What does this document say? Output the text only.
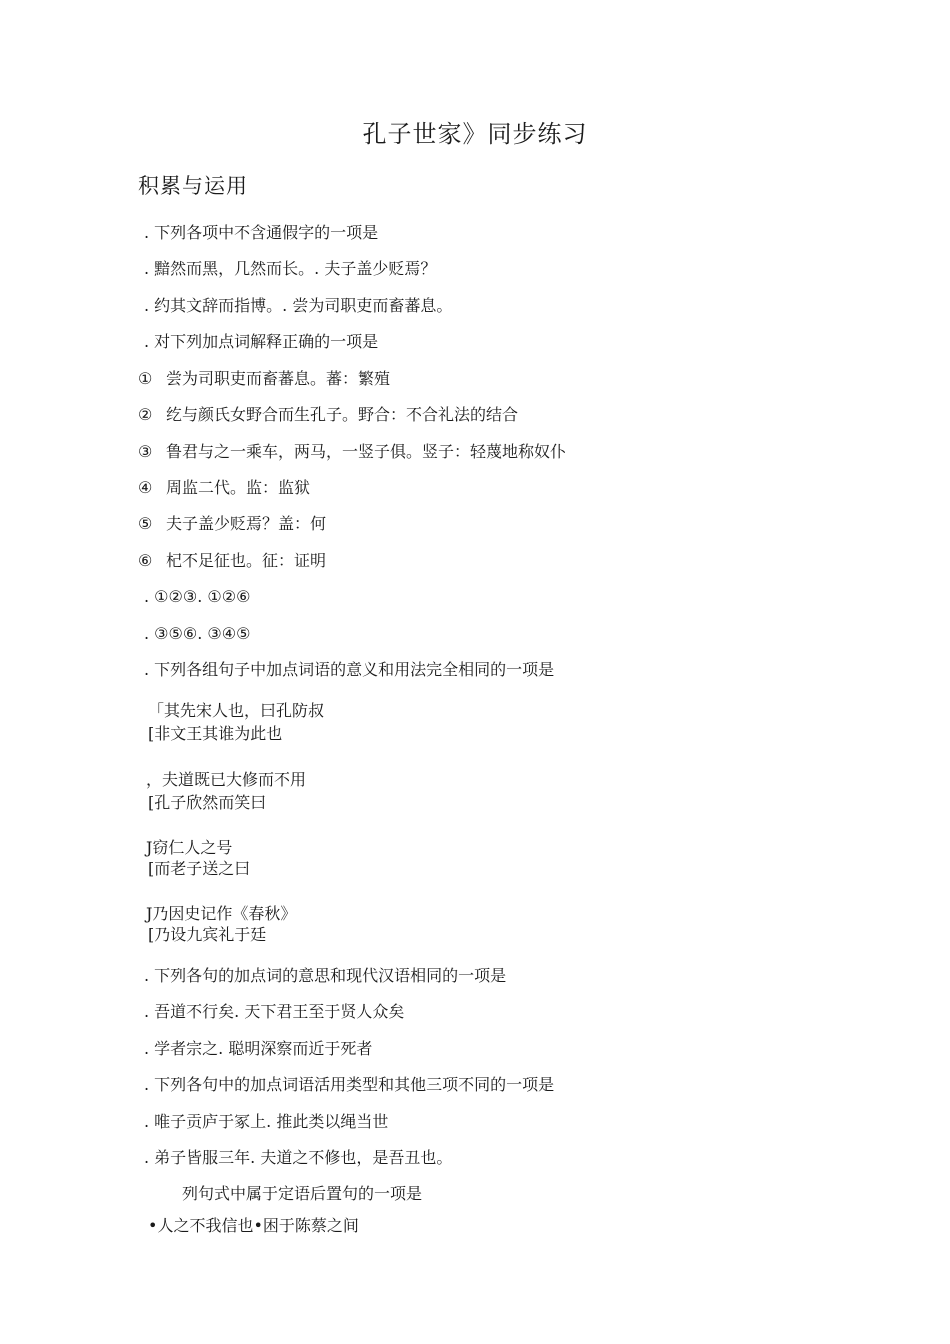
孔子世家》同步练习
积累与运用
. 下列各项中不含通假字的一项是
. 黯然而黑，几然而长。. 夫子盖少贬焉？
. 约其文辞而指博。. 尝为司职吏而畜蕃息。
. 对下列加点词解释正确的一项是
① 尝为司职吏而畜蕃息。蕃：繁殖
② 纥与颜氏女野合而生孔子。野合：不合礼法的结合
③ 鲁君与之一乘车，两马，一竖子俱。竖子：轻蔑地称奴仆
④ 周监二代。监：监狱
⑤ 夫子盖少贬焉？盖：何
⑥ 杞不足征也。征：证明
. ①②③. ①②⑥
. ③⑤⑥. ③④⑤
. 下列各组句子中加点词语的意义和用法完全相同的一项是
「其先宋人也，曰孔防叔
[非文王其谁为此也
，夫道既已大修而不用
[孔子欣然而笑曰
J窃仁人之号
[而老子送之曰
J乃因史记作《春秋》
[乃设九宾礼于廷
. 下列各句的加点词的意思和现代汉语相同的一项是
. 吾道不行矣. 天下君王至于贤人众矣
. 学者宗之. 聪明深察而近于死者
. 下列各句中的加点词语活用类型和其他三项不同的一项是
. 唯子贡庐于冢上. 推此类以绳当世
. 弟子皆服三年. 夫道之不修也，是吾丑也。
列句式中属于定语后置句的一项是
•人之不我信也•困于陈蔡之间
